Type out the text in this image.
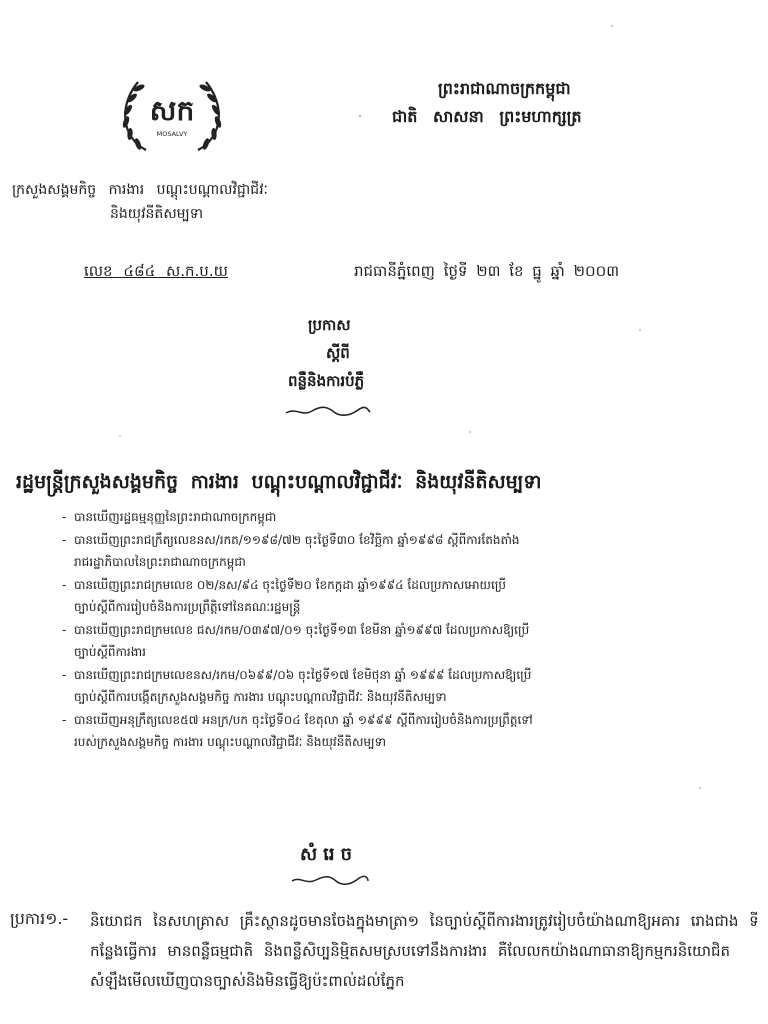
សក
MOSALVY
ព្រះរាជាណាចក្រកម្ពុជា
ជាតិ សាសនា ព្រះមហាក្សត្រ
ក្រសួងសង្គមកិច្ច ការងារ បណ្តុះបណ្តាលវិជ្ជាជីវៈ
និងយុវនីតិសម្បទា
លេខ ៤៨៤ ស.ក.ប.យ	រាជធានីភ្នំពេញ ថ្ងៃទី ២៣ ខែ ធ្នូ ឆ្នាំ ២០០៣
ប្រកាស
ស្តីពី
ពន្លឺនិងការបំភ្លឺ
រដ្ឋមន្ត្រីក្រសួងសង្គមកិច្ច ការងារ បណ្តុះបណ្តាលវិជ្ជាជីវៈ និងយុវនីតិសម្បទា
- បានឃើញរដ្ឋធម្មនុញ្ញនៃព្រះរាជាណាចក្រកម្ពុជា
- បានឃើញព្រះរាជក្រឹត្យលេខនស/រកត/១១៩៨/៧២ ចុះថ្ងៃទី៣០ ខែវិច្ឆិកា ឆ្នាំ១៩៩៨ ស្តីពីការតែងតាំង
រាជរដ្ឋាភិបាលនៃព្រះរាជាណាចក្រកម្ពុជា
- បានឃើញព្រះរាជក្រមលេខ ០២/នស/៩៤ ចុះថ្ងៃទី២០ ខែកក្កដា ឆ្នាំ១៩៩៤ ដែលប្រកាសអោយប្រើ
ច្បាប់ស្តីពីការរៀបចំនិងការប្រព្រឹត្តិទៅនៃគណៈរដ្ឋមន្ត្រី
- បានឃើញព្រះរាជក្រមលេខ ជស/រកម/០៣៩៧/០១ ចុះថ្ងៃទី១៣ ខែមីនា ឆ្នាំ១៩៩៧ ដែលប្រកាសឱ្យប្រើ
ច្បាប់ស្តីពីការងារ
- បានឃើញព្រះរាជក្រមលេខនស/រកម/០៦៩៩/០៦ ចុះថ្ងៃទី១៧ ខែមិថុនា ឆ្នាំ ១៩៩៩ ដែលប្រកាសឱ្យប្រើ
ច្បាប់ស្តីពីការបង្កើតក្រសួងសង្គមកិច្ច ការងារ បណ្តុះបណ្តាលវិជ្ជាជីវៈ និងយុវនីតិសម្បទា
- បានឃើញអនុក្រឹត្យលេខ៥៧ អនក្រ/បក ចុះថ្ងៃទី០៤ ខែតុលា ឆ្នាំ ១៩៩៩ ស្តីពីការរៀបចំនិងការប្រព្រឹត្តទៅ
របស់ក្រសួងសង្គមកិច្ច ការងារ បណ្តុះបណ្តាលវិជ្ជាជីវៈ និងយុវនីតិសម្បទា
សំរេច
ប្រការ១.- និយោជក នៃសហគ្រាស គ្រឹះស្ថានដូចមានចែងក្នុងមាត្រា១ នៃច្បាប់ស្តីពីការងារត្រូវរៀបចំយ៉ាងណាឱ្យអគារ រោងជាង ទីកន្លែងធ្វើការ មានពន្លឺធម្មជាតិ និងពន្លឺសិប្បនិម្មិតសមស្របទៅនឹងការងារ គឺលែលកយ៉ាងណាធានាឱ្យកម្មករនិយោជិត សំឡឹងមើលឃើញបានច្បាស់និងមិនធ្វើឱ្យប៉ះពាល់ដល់ភ្នែក
